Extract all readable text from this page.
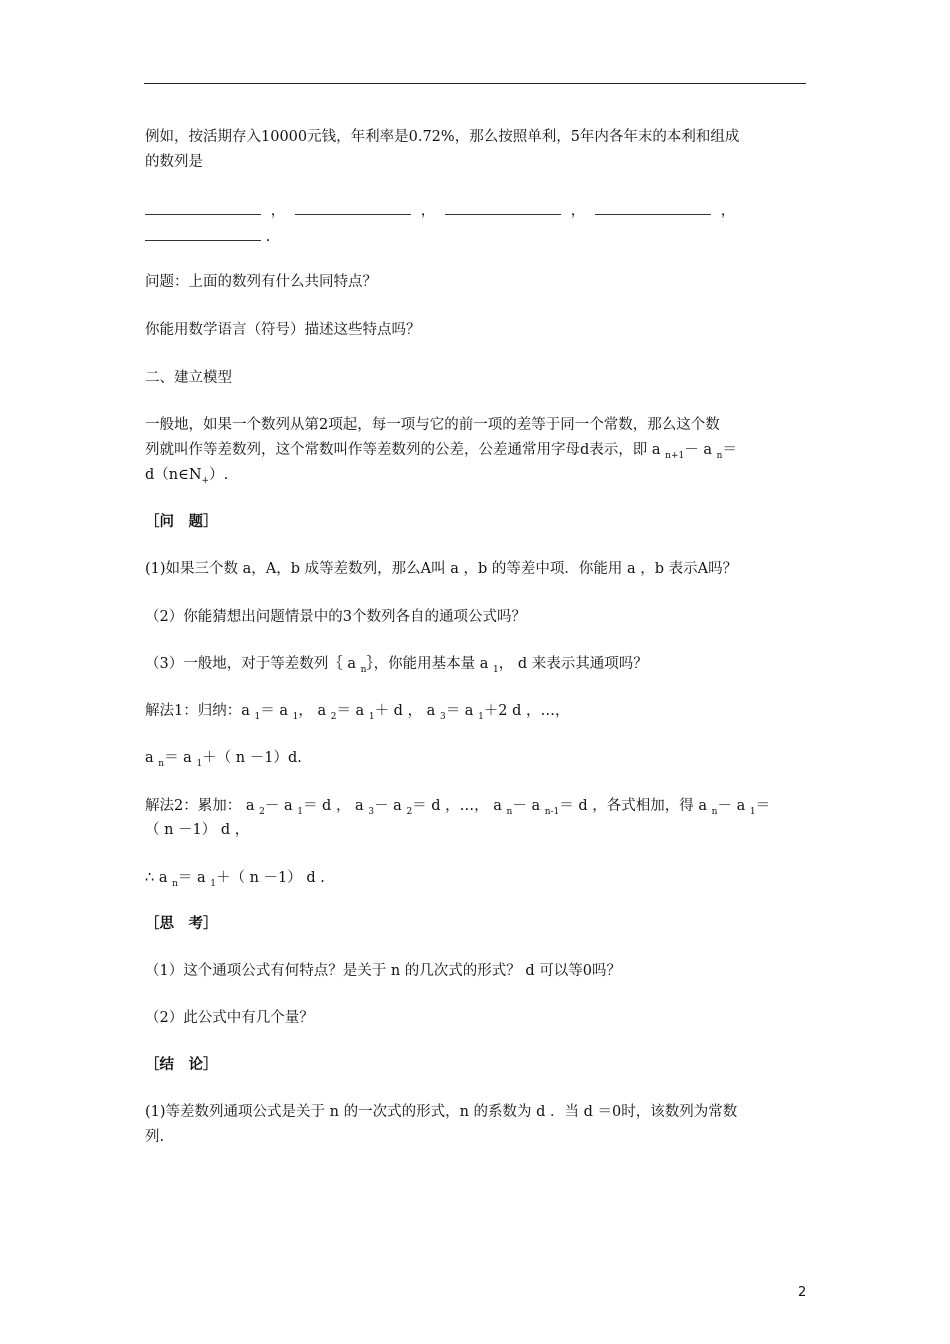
例如，按活期存入10000元钱，年利率是0.72%，那么按照单利，5年内各年末的本利和组成
的数列是
，	，	，	，
.
问题：上面的数列有什么共同特点？
你能用数学语言（符号）描述这些特点吗？
二、建立模型
一般地，如果一个数列从第2项起，每一项与它的前一项的差等于同一个常数，那么这个数
列就叫作等差数列，这个常数叫作等差数列的公差，公差通常用字母d表示，即 a $_{n+1}$－ a $_n$＝
$d(n\in N_+)$.
［问　题］
(1)如果三个数 a，A，b 成等差数列，那么A叫 a ，b 的等差中项．你能用 a ，b 表示A吗？
（2）你能猜想出问题情景中的3个数列各自的通项公式吗？
（3）一般地，对于等差数列｛ a $_n$｝，你能用基本量 a $_1$， d 来表示其通项吗？
解法1：归纳：a $_1$＝ a $_1$， a $_2$＝ a $_1$＋ d ， a $_3$＝ a $_1$＋2 d ，…，
a $_n$＝ a $_1$＋（ n －1）d.
解法2：累加： a $_2$－ a $_1$＝ d ， a $_3$－ a $_2$＝ d ，…， a $_n$－ a $_{n-1}$＝ d ，各式相加，得 a $_n$－ a $_1$＝
（ n －1） d ，
∴ a $_n$＝ a $_1$＋（ n －1） d .
［思　考］
（1）这个通项公式有何特点？是关于 n 的几次式的形式？ d 可以等0吗？
（2）此公式中有几个量？
［结　论］
(1)等差数列通项公式是关于 n 的一次式的形式，n 的系数为 d ．当 d ＝0时，该数列为常数
列.
2
